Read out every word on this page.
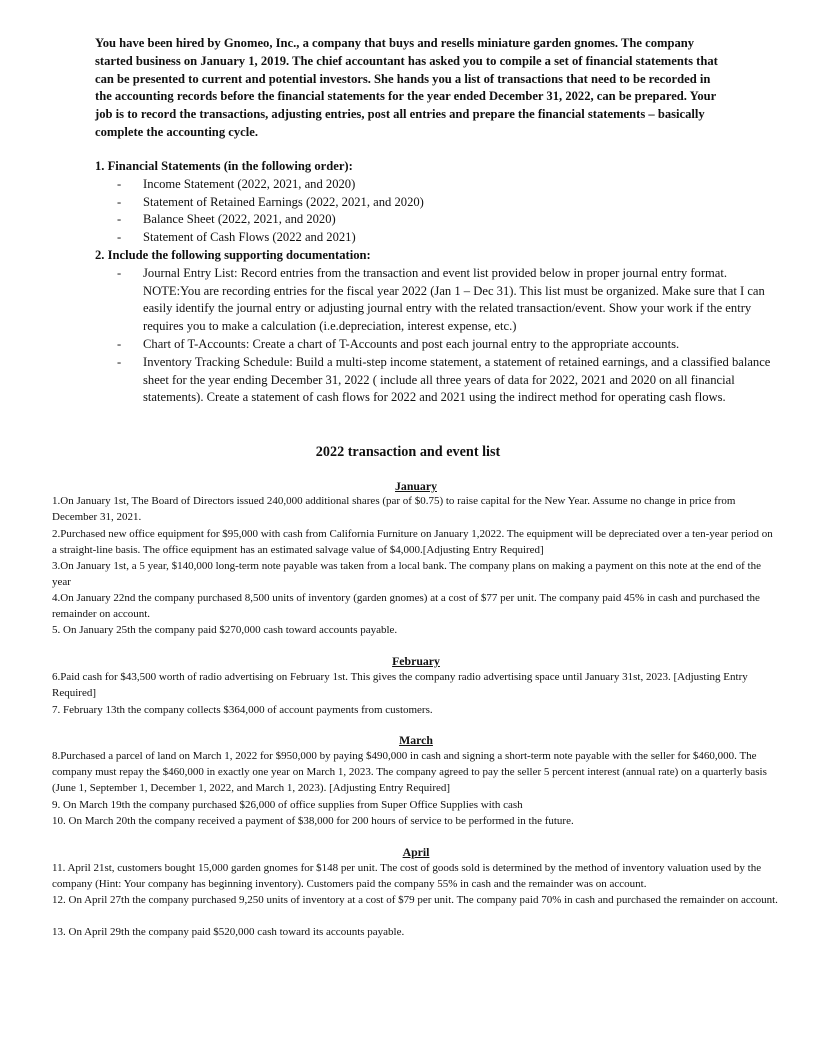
You have been hired by Gnomeo, Inc., a company that buys and resells miniature garden gnomes. The company started business on January 1, 2019. The chief accountant has asked you to compile a set of financial statements that can be presented to current and potential investors. She hands you a list of transactions that need to be recorded in the accounting records before the financial statements for the year ended December 31, 2022, can be prepared. Your job is to record the transactions, adjusting entries, post all entries and prepare the financial statements – basically complete the accounting cycle.
1. Financial Statements (in the following order):
-	Income Statement (2022, 2021, and 2020)
-	Statement of Retained Earnings (2022, 2021, and 2020)
-	Balance Sheet (2022, 2021, and 2020)
-	Statement of Cash Flows (2022 and 2021)
2. Include the following supporting documentation:
-	Journal Entry List: Record entries from the transaction and event list provided below in proper journal entry format. NOTE:You are recording entries for the fiscal year 2022 (Jan 1 – Dec 31). This list must be organized. Make sure that I can easily identify the journal entry or adjusting journal entry with the related transaction/event. Show your work if the entry requires you to make a calculation (i.e.depreciation, interest expense, etc.)
-	Chart of T-Accounts: Create a chart of T-Accounts and post each journal entry to the appropriate accounts.
-	Inventory Tracking Schedule: Build a multi-step income statement, a statement of retained earnings, and a classified balance sheet for the year ending December 31, 2022 ( include all three years of data for 2022, 2021 and 2020 on all financial statements). Create a statement of cash flows for 2022 and 2021 using the indirect method for operating cash flows.
2022 transaction and event list
January
1.On January 1st, The Board of Directors issued 240,000 additional shares (par of $0.75) to raise capital for the New Year. Assume no change in price from December 31, 2021.
2.Purchased new office equipment for $95,000 with cash from California Furniture on January 1,2022. The equipment will be depreciated over a ten-year period on a straight-line basis. The office equipment has an estimated salvage value of $4,000.[Adjusting Entry Required]
3.On January 1st, a 5 year, $140,000 long-term note payable was taken from a local bank. The company plans on making a payment on this note at the end of the year
4.On January 22nd the company purchased 8,500 units of inventory (garden gnomes) at a cost of $77 per unit. The company paid 45% in cash and purchased the remainder on account.
5. On January 25th the company paid $270,000 cash toward accounts payable.
February
6.Paid cash for $43,500 worth of radio advertising on February 1st. This gives the company radio advertising space until January 31st, 2023. [Adjusting Entry Required]
7. February 13th the company collects $364,000 of account payments from customers.
March
8.Purchased a parcel of land on March 1, 2022 for $950,000 by paying $490,000 in cash and signing a short-term note payable with the seller for $460,000. The company must repay the $460,000 in exactly one year on March 1, 2023. The company agreed to pay the seller 5 percent interest (annual rate) on a quarterly basis (June 1, September 1, December 1, 2022, and March 1, 2023). [Adjusting Entry Required]
9. On March 19th the company purchased $26,000 of office supplies from Super Office Supplies with cash
10. On March 20th the company received a payment of $38,000 for 200 hours of service to be performed in the future.
April
11. April 21st, customers bought 15,000 garden gnomes for $148 per unit. The cost of goods sold is determined by the method of inventory valuation used by the company (Hint: Your company has beginning inventory). Customers paid the company 55% in cash and the remainder was on account.
12. On April 27th the company purchased 9,250 units of inventory at a cost of $79 per unit. The company paid 70% in cash and purchased the remainder on account.
13. On April 29th the company paid $520,000 cash toward its accounts payable.
